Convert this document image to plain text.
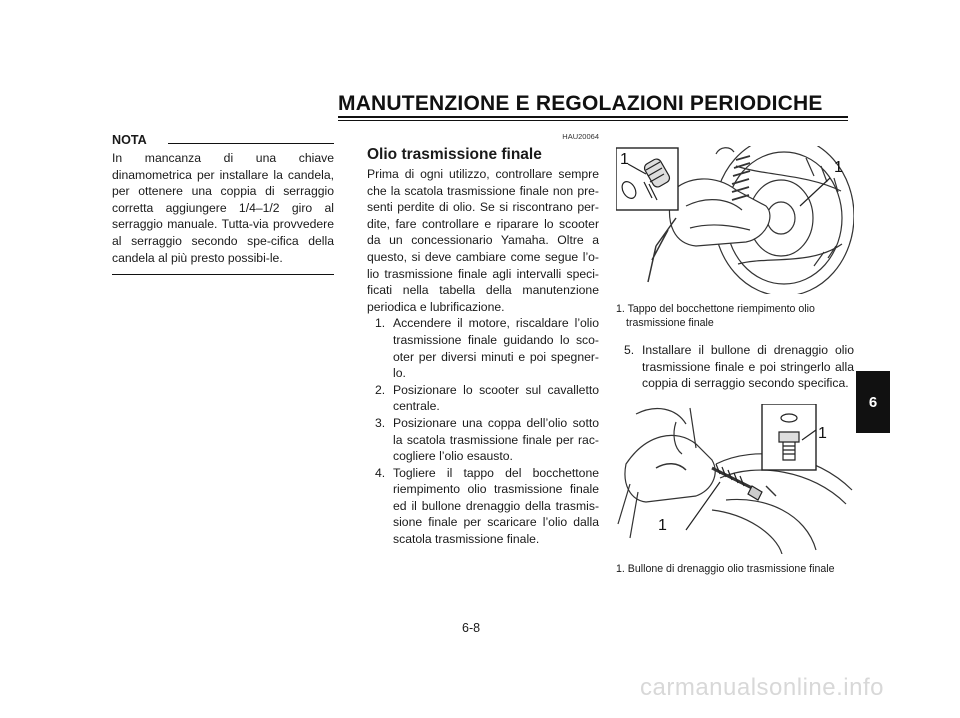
MANUTENZIONE E REGOLAZIONI PERIODICHE
NOTA

In mancanza di una chiave dinamometrica per installare la candela, per ottenere una coppia di serraggio corretta aggiungere 1/4–1/2 giro al serraggio manuale. Tutta-via provvedere al serraggio secondo spe-cifica della candela al più presto possibi-le.

HAU20064
Olio trasmissione finale

Prima di ogni utilizzo, controllare sempre che la scatola trasmissione finale non pre-senti perdite di olio. Se si riscontrano per-dite, fare controllare e riparare lo scooter da un concessionario Yamaha. Oltre a questo, si deve cambiare come segue l’o-lio trasmissione finale agli intervalli speci-ficati nella tabella della manutenzione periodica e lubrificazione.

1. Accendere il motore, riscaldare l’olio trasmissione finale guidando lo sco-oter per diversi minuti e poi spegner-lo.
2. Posizionare lo scooter sul cavalletto centrale.
3. Posizionare una coppa dell’olio sotto la scatola trasmissione finale per rac-cogliere l’olio esausto.
4. Togliere il tappo del bocchettone riempimento olio trasmissione finale ed il bullone drenaggio della trasmis-sione finale per scaricare l’olio dalla scatola trasmissione finale.
1	1
1. Tappo del bocchettone riempimento olio
trasmissione finale
5. Installare il bullone di drenaggio olio trasmissione finale e poi stringerlo alla coppia di serraggio secondo specifica.
1
1
1. Bullone di drenaggio olio trasmissione finale
6
6-8
carmanualsonline.info
